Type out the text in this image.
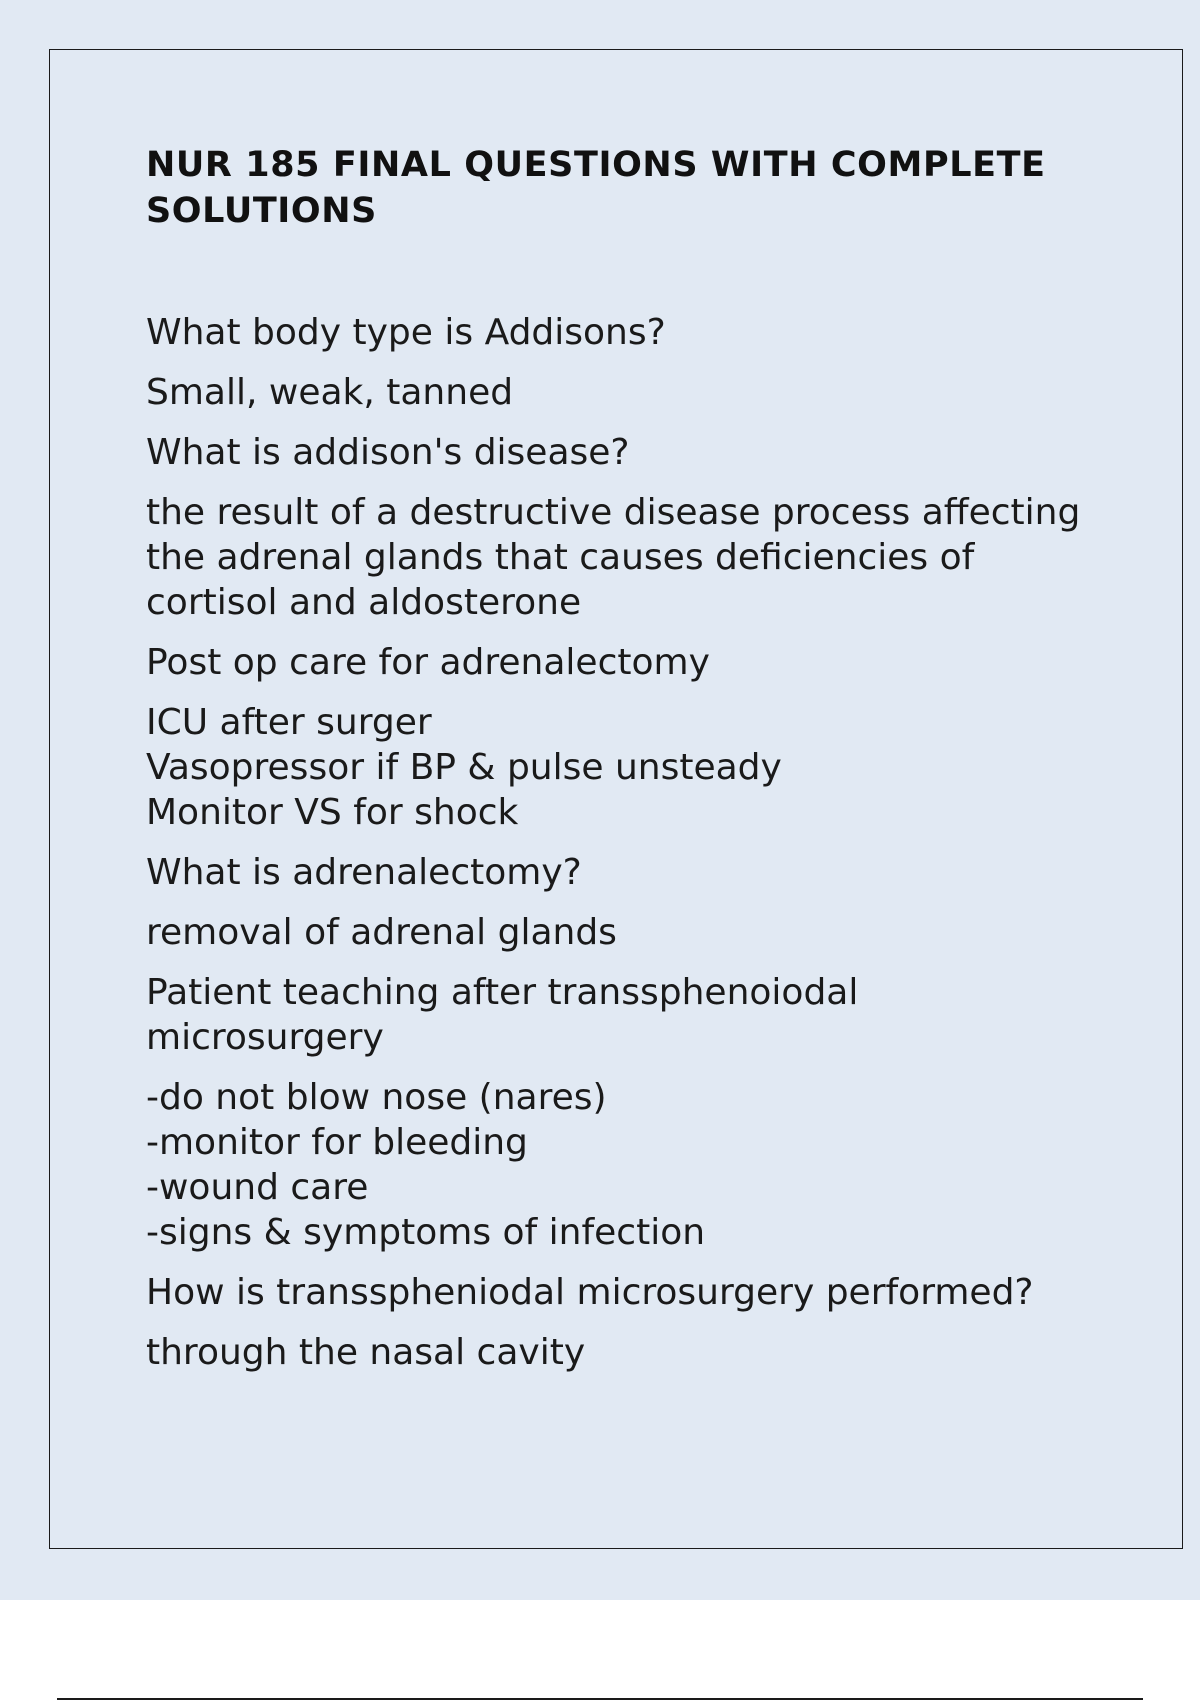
NUR 185 FINAL QUESTIONS WITH COMPLETE SOLUTIONS
What body type is Addisons?
Small, weak, tanned
What is addison's disease?
the result of a destructive disease process affecting the adrenal glands that causes deficiencies of cortisol and aldosterone
Post op care for adrenalectomy
ICU after surger
Vasopressor if BP & pulse unsteady
Monitor VS for shock
What is adrenalectomy?
removal of adrenal glands
Patient teaching after transsphenoiodal microsurgery
-do not blow nose (nares)
-monitor for bleeding
-wound care
-signs & symptoms of infection
How is transspheniodal microsurgery performed?
through the nasal cavity
